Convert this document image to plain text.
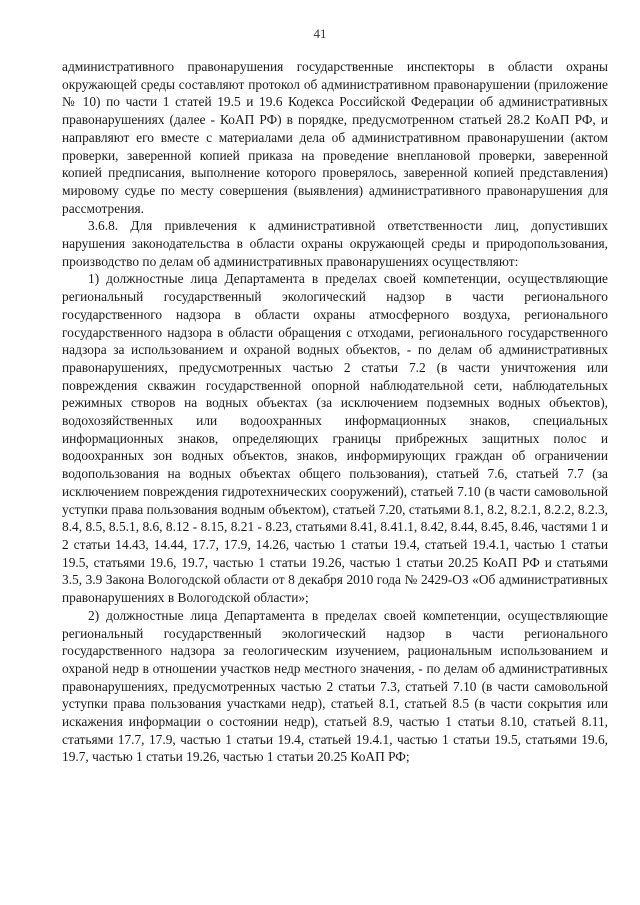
41

административного правонарушения государственные инспекторы в области охраны окружающей среды составляют протокол об административном правонарушении (приложение № 10) по части 1 статей 19.5 и 19.6 Кодекса Российской Федерации об административных правонарушениях (далее - КоАП РФ) в порядке, предусмотренном статьей 28.2 КоАП РФ, и направляют его вместе с материалами дела об административном правонарушении (актом проверки, заверенной копией приказа на проведение внеплановой проверки, заверенной копией предписания, выполнение которого проверялось, заверенной копией представления) мировому судье по месту совершения (выявления) административного правонарушения для рассмотрения.

3.6.8. Для привлечения к административной ответственности лиц, допустивших нарушения законодательства в области охраны окружающей среды и природопользования, производство по делам об административных правонарушениях осуществляют:

1) должностные лица Департамента в пределах своей компетенции, осуществляющие региональный государственный экологический надзор в части регионального государственного надзора в области охраны атмосферного воздуха, регионального государственного надзора в области обращения с отходами, регионального государственного надзора за использованием и охраной водных объектов, - по делам об административных правонарушениях, предусмотренных частью 2 статьи 7.2 (в части уничтожения или повреждения скважин государственной опорной наблюдательной сети, наблюдательных режимных створов на водных объектах (за исключением подземных водных объектов), водохозяйственных или водоохранных информационных знаков, специальных информационных знаков, определяющих границы прибрежных защитных полос и водоохранных зон водных объектов, знаков, информирующих граждан об ограничении водопользования на водных объектах общего пользования), статьей 7.6, статьей 7.7 (за исключением повреждения гидротехнических сооружений), статьей 7.10 (в части самовольной уступки права пользования водным объектом), статьей 7.20, статьями 8.1, 8.2, 8.2.1, 8.2.2, 8.2.3, 8.4, 8.5, 8.5.1, 8.6, 8.12 - 8.15, 8.21 - 8.23, статьями 8.41, 8.41.1, 8.42, 8.44, 8.45, 8.46, частями 1 и 2 статьи 14.43, 14.44, 17.7, 17.9, 14.26, частью 1 статьи 19.4, статьей 19.4.1, частью 1 статьи 19.5, статьями 19.6, 19.7, частью 1 статьи 19.26, частью 1 статьи 20.25 КоАП РФ и статьями 3.5, 3.9 Закона Вологодской области от 8 декабря 2010 года № 2429-ОЗ «Об административных правонарушениях в Вологодской области»;

2) должностные лица Департамента в пределах своей компетенции, осуществляющие региональный государственный экологический надзор в части регионального государственного надзора за геологическим изучением, рациональным использованием и охраной недр в отношении участков недр местного значения, - по делам об административных правонарушениях, предусмотренных частью 2 статьи 7.3, статьей 7.10 (в части самовольной уступки права пользования участками недр), статьей 8.1, статьей 8.5 (в части сокрытия или искажения информации о состоянии недр), статьей 8.9, частью 1 статьи 8.10, статьей 8.11, статьями 17.7, 17.9, частью 1 статьи 19.4, статьей 19.4.1, частью 1 статьи 19.5, статьями 19.6, 19.7, частью 1 статьи 19.26, частью 1 статьи 20.25 КоАП РФ;
